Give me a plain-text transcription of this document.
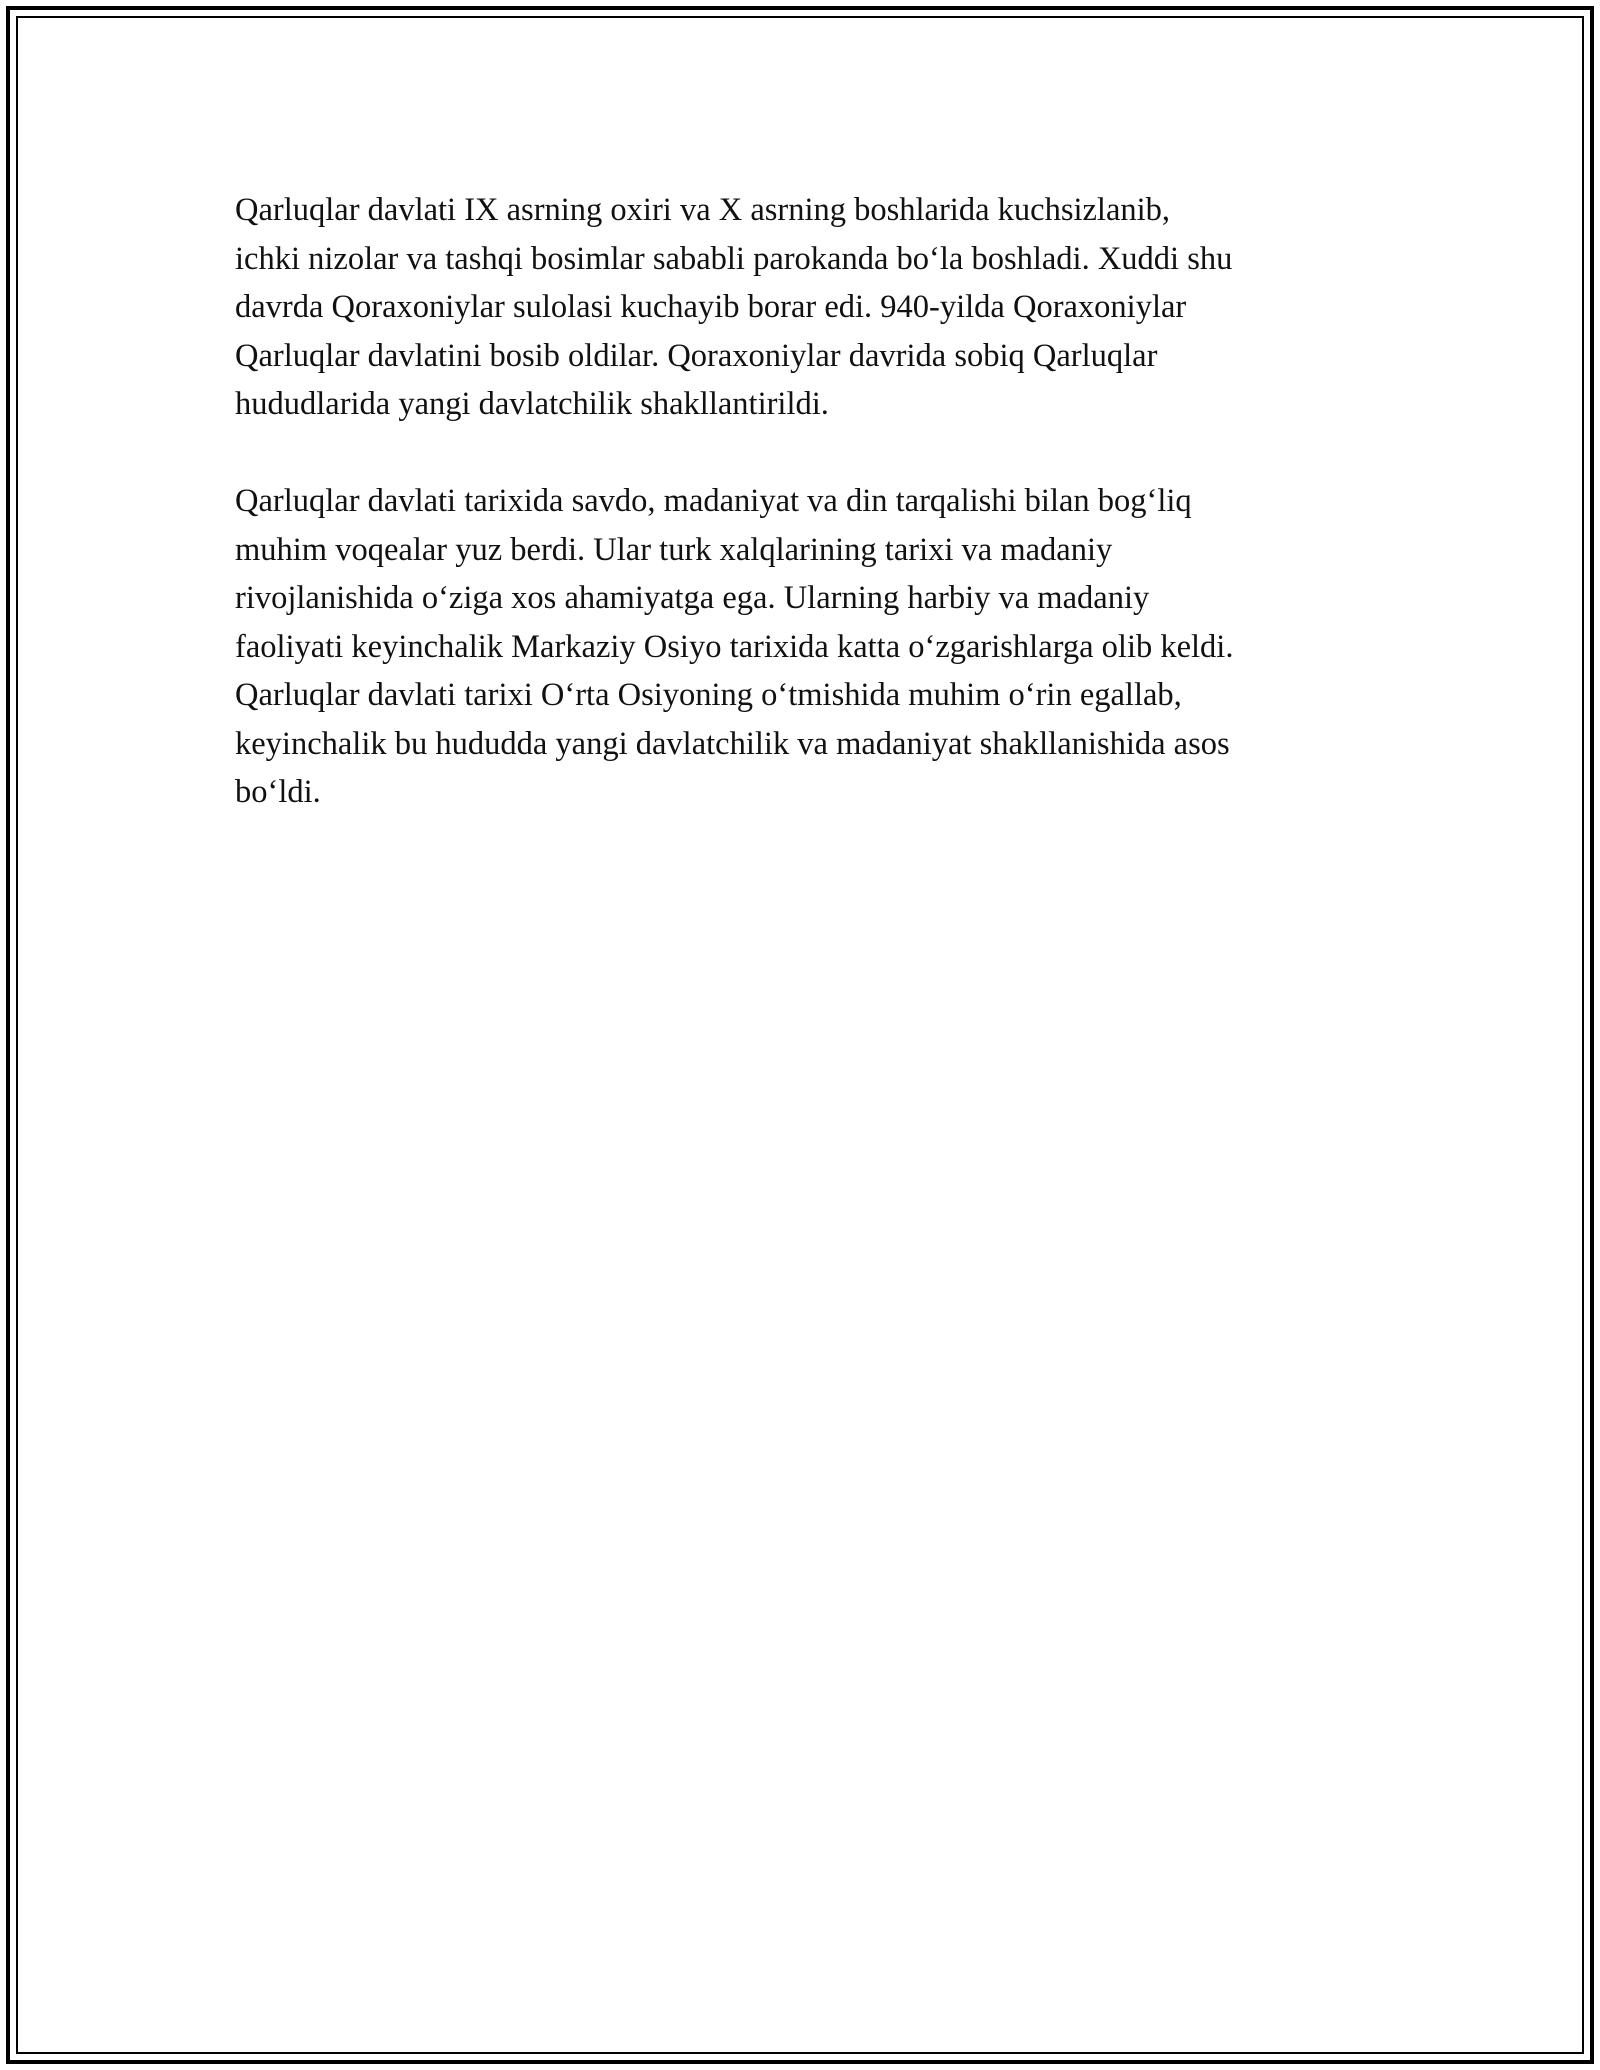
Qarluqlar davlati IX asrning oxiri va X asrning boshlarida kuchsizlanib,
ichki nizolar va tashqi bosimlar sababli parokanda bo‘la boshladi. Xuddi shu
davrda Qoraxoniylar sulolasi kuchayib borar edi. 940-yilda Qoraxoniylar
Qarluqlar davlatini bosib oldilar. Qoraxoniylar davrida sobiq Qarluqlar
hududlarida yangi davlatchilik shakllantirildi.

Qarluqlar davlati tarixida savdo, madaniyat va din tarqalishi bilan bog‘liq
muhim voqealar yuz berdi. Ular turk xalqlarining tarixi va madaniy
rivojlanishida o‘ziga xos ahamiyatga ega. Ularning harbiy va madaniy
faoliyati keyinchalik Markaziy Osiyo tarixida katta o‘zgarishlarga olib keldi.
Qarluqlar davlati tarixi O‘rta Osiyoning o‘tmishida muhim o‘rin egallab,
keyinchalik bu hududda yangi davlatchilik va madaniyat shakllanishida asos
bo‘ldi.
